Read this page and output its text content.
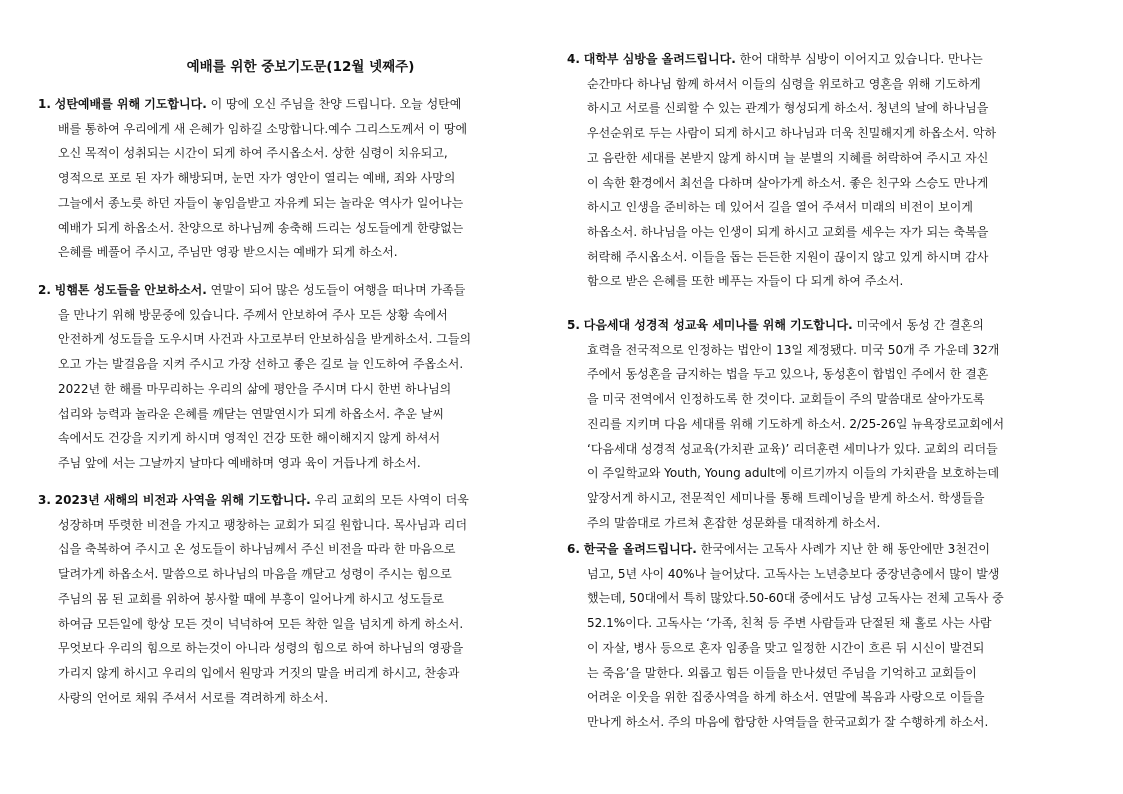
예배를 위한 중보기도문(12월 넷째주)

1. 성탄예배를 위해 기도합니다. 이 땅에 오신 주님을 찬양 드립니다. 오늘 성탄예
배를 통하여 우리에게 새 은혜가 임하길 소망합니다.예수 그리스도께서 이 땅에
오신 목적이 성취되는 시간이 되게 하여 주시옵소서. 상한 심령이 치유되고,
영적으로 포로 된 자가 해방되며, 눈먼 자가 영안이 열리는 예배, 죄와 사망의
그늘에서 종노릇 하던 자들이 놓임을받고 자유케 되는 놀라운 역사가 일어나는
예배가 되게 하옵소서. 찬양으로 하나님께 송축해 드리는 성도들에게 한량없는
은혜를 베풀어 주시고, 주님만 영광 받으시는 예배가 되게 하소서.

2. 빙햄톤 성도들을 안보하소서. 연말이 되어 많은 성도들이 여행을 떠나며 가족들
을 만나기 위해 방문중에 있습니다. 주께서 안보하여 주사 모든 상황 속에서
안전하게 성도들을 도우시며 사건과 사고로부터 안보하심을 받게하소서. 그들의
오고 가는 발걸음을 지켜 주시고 가장 선하고 좋은 길로 늘 인도하여 주옵소서.
2022년 한 해를 마무리하는 우리의 삶에 평안을 주시며 다시 한번 하나님의
섭리와 능력과 놀라운 은혜를 깨닫는 연말연시가 되게 하옵소서. 추운 날씨
속에서도 건강을 지키게 하시며 영적인 건강 또한 해이해지지 않게 하셔서
주님 앞에 서는 그날까지 날마다 예배하며 영과 육이 거듭나게 하소서.

3. 2023년 새해의 비전과 사역을 위해 기도합니다. 우리 교회의 모든 사역이 더욱
성장하며 뚜렷한 비전을 가지고 팽창하는 교회가 되길 원합니다. 목사님과 리더
십을 축복하여 주시고 온 성도들이 하나님께서 주신 비전을 따라 한 마음으로
달려가게 하옵소서. 말씀으로 하나님의 마음을 깨닫고 성령이 주시는 힘으로
주님의 몸 된 교회를 위하여 봉사할 때에 부흥이 일어나게 하시고 성도들로
하여금 모든일에 항상 모든 것이 넉넉하여 모든 착한 일을 넘치게 하게 하소서.
무엇보다 우리의 힘으로 하는것이 아니라 성령의 힘으로 하여 하나님의 영광을
가리지 않게 하시고 우리의 입에서 원망과 거짓의 말을 버리게 하시고, 찬송과
사랑의 언어로 채워 주셔서 서로를 격려하게 하소서.

4. 대학부 심방을 올려드립니다. 한어 대학부 심방이 이어지고 있습니다. 만나는
순간마다 하나님 함께 하셔서 이들의 심령을 위로하고 영혼을 위해 기도하게
하시고 서로를 신뢰할 수 있는 관계가 형성되게 하소서. 청년의 날에 하나님을
우선순위로 두는 사람이 되게 하시고 하나님과 더욱 친밀해지게 하옵소서. 악하
고 음란한 세대를 본받지 않게 하시며 늘 분별의 지혜를 허락하여 주시고 자신
이 속한 환경에서 최선을 다하며 살아가게 하소서. 좋은 친구와 스승도 만나게
하시고 인생을 준비하는 데 있어서 길을 열어 주셔서 미래의 비전이 보이게
하옵소서. 하나님을 아는 인생이 되게 하시고 교회를 세우는 자가 되는 축복을
허락해 주시옵소서. 이들을 돕는 든든한 지원이 끊이지 않고 있게 하시며 감사
함으로 받은 은혜를 또한 베푸는 자들이 다 되게 하여 주소서.

5. 다음세대 성경적 성교육 세미나를 위해 기도합니다. 미국에서 동성 간 결혼의
효력을 전국적으로 인정하는 법안이 13일 제정됐다. 미국 50개 주 가운데 32개
주에서 동성혼을 금지하는 법을 두고 있으나, 동성혼이 합법인 주에서 한 결혼
을 미국 전역에서 인정하도록 한 것이다. 교회들이 주의 말씀대로 살아가도록
진리를 지키며 다음 세대를 위해 기도하게 하소서. 2/25-26일 뉴욕장로교회에서
‘다음세대 성경적 성교육(가치관 교육)’ 리더훈련 세미나가 있다. 교회의 리더들
이 주일학교와 Youth, Young adult에 이르기까지 이들의 가치관을 보호하는데
앞장서게 하시고, 전문적인 세미나를 통해 트레이닝을 받게 하소서. 학생들을
주의 말씀대로 가르쳐 혼잡한 성문화를 대적하게 하소서.

6. 한국을 올려드립니다. 한국에서는 고독사 사례가 지난 한 해 동안에만 3천건이
넘고, 5년 사이 40%나 늘어났다. 고독사는 노년층보다 중장년층에서 많이 발생
했는데, 50대에서 특히 많았다.50-60대 중에서도 남성 고독사는 전체 고독사 중
52.1%이다. 고독사는 ‘가족, 친척 등 주변 사람들과 단절된 채 홀로 사는 사람
이 자살, 병사 등으로 혼자 임종을 맞고 일정한 시간이 흐른 뒤 시신이 발견되
는 죽음’을 말한다. 외롭고 힘든 이들을 만나셨던 주님을 기억하고 교회들이
어려운 이웃을 위한 집중사역을 하게 하소서. 연말에 복음과 사랑으로 이들을
만나게 하소서. 주의 마음에 합당한 사역들을 한국교회가 잘 수행하게 하소서.
